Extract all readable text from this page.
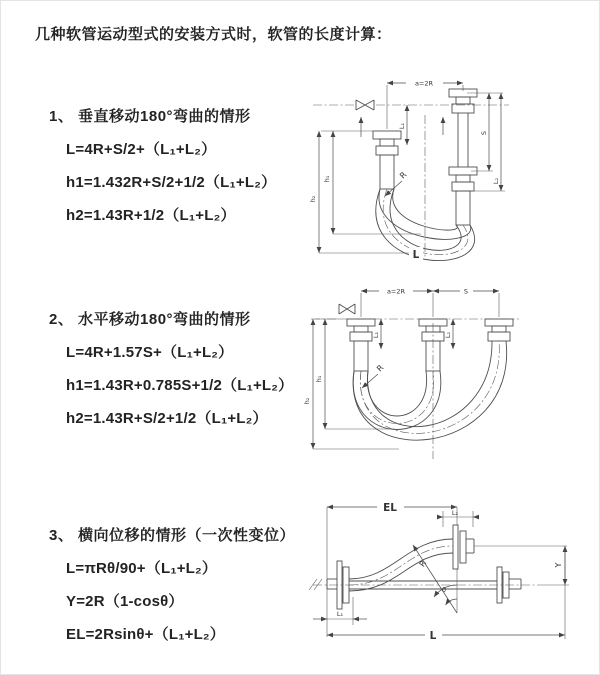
几种软管运动型式的安装方式时，软管的长度计算：
1、 垂直移动180°弯曲的情形
L=4R+S/2+（L₁+L₂）
h1=1.432R+S/2+1/2（L₁+L₂）
h2=1.43R+1/2（L₁+L₂）
2、 水平移动180°弯曲的情形
L=4R+1.57S+（L₁+L₂）
h1=1.43R+0.785S+1/2（L₁+L₂）
h2=1.43R+S/2+1/2（L₁+L₂）
3、 横向位移的情形（一次性变位）
L=πRθ/90+（L₁+L₂）
Y=2R（1-cosθ）
EL=2Rsinθ+（L₁+L₂）
a=2R
h₁
h₂
L₁
S
L₂
R
L
a=2R	S
L₁	L₂
h₁
h₂
R
EL	L₂
L₁
L
Y
R
θ
